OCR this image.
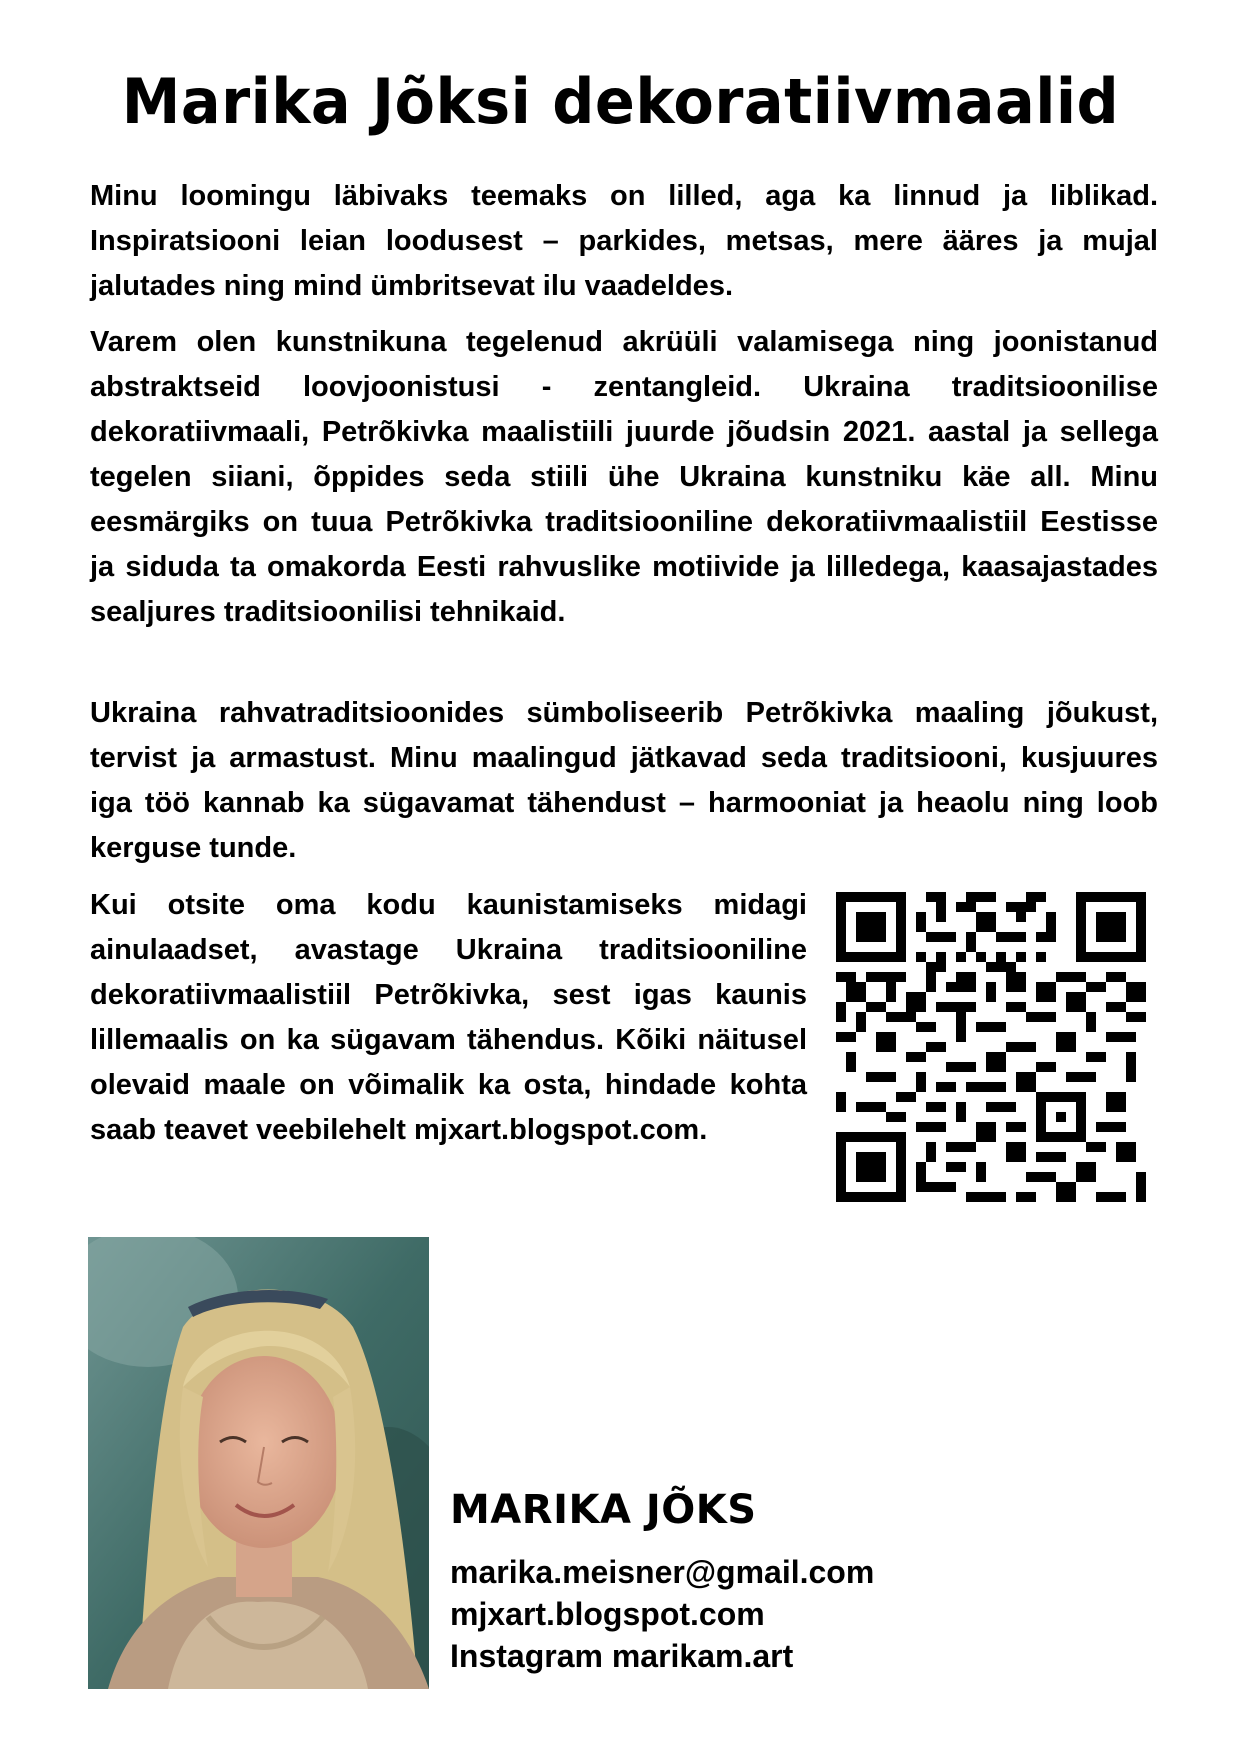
Marika Jõksi dekoratiivmaalid

Minu loomingu läbivaks teemaks on lilled, aga ka linnud ja liblikad. Inspiratsiooni leian loodusest – parkides, metsas, mere ääres ja mujal jalutades ning mind ümbritsevat ilu vaadeldes.

Varem olen kunstnikuna tegelenud akrüüli valamisega ning joonistanud abstraktseid loovjoonistusi - zentangleid. Ukraina traditsioonilise dekoratiivmaali, Petrõkivka maalistiili juurde jõudsin 2021. aastal ja sellega tegelen siiani, õppides seda stiili ühe Ukraina kunstniku käe all. Minu eesmärgiks on tuua Petrõkivka traditsiooniline dekoratiivmaalistiil Eestisse ja siduda ta omakorda Eesti rahvuslike motiivide ja lilledega, kaasajastades sealjures traditsioonilisi tehnikaid.

Ukraina rahvatraditsioonides sümboliseerib Petrõkivka maaling jõukust, tervist ja armastust. Minu maalingud jätkavad seda traditsiooni, kusjuures iga töö kannab ka sügavamat tähendust – harmooniat ja heaolu ning loob kerguse tunde.

Kui otsite oma kodu kaunistamiseks midagi ainulaadset, avastage Ukraina traditsiooniline dekoratiivmaalistiil Petrõkivka, sest igas kaunis lillemaalis on ka sügavam tähendus. Kõiki näitusel olevaid maale on võimalik ka osta, hindade kohta saab teavet veebilehelt mjxart.blogspot.com.

MARIKA JÕKS
marika.meisner@gmail.com
mjxart.blogspot.com
Instagram marikam.art
